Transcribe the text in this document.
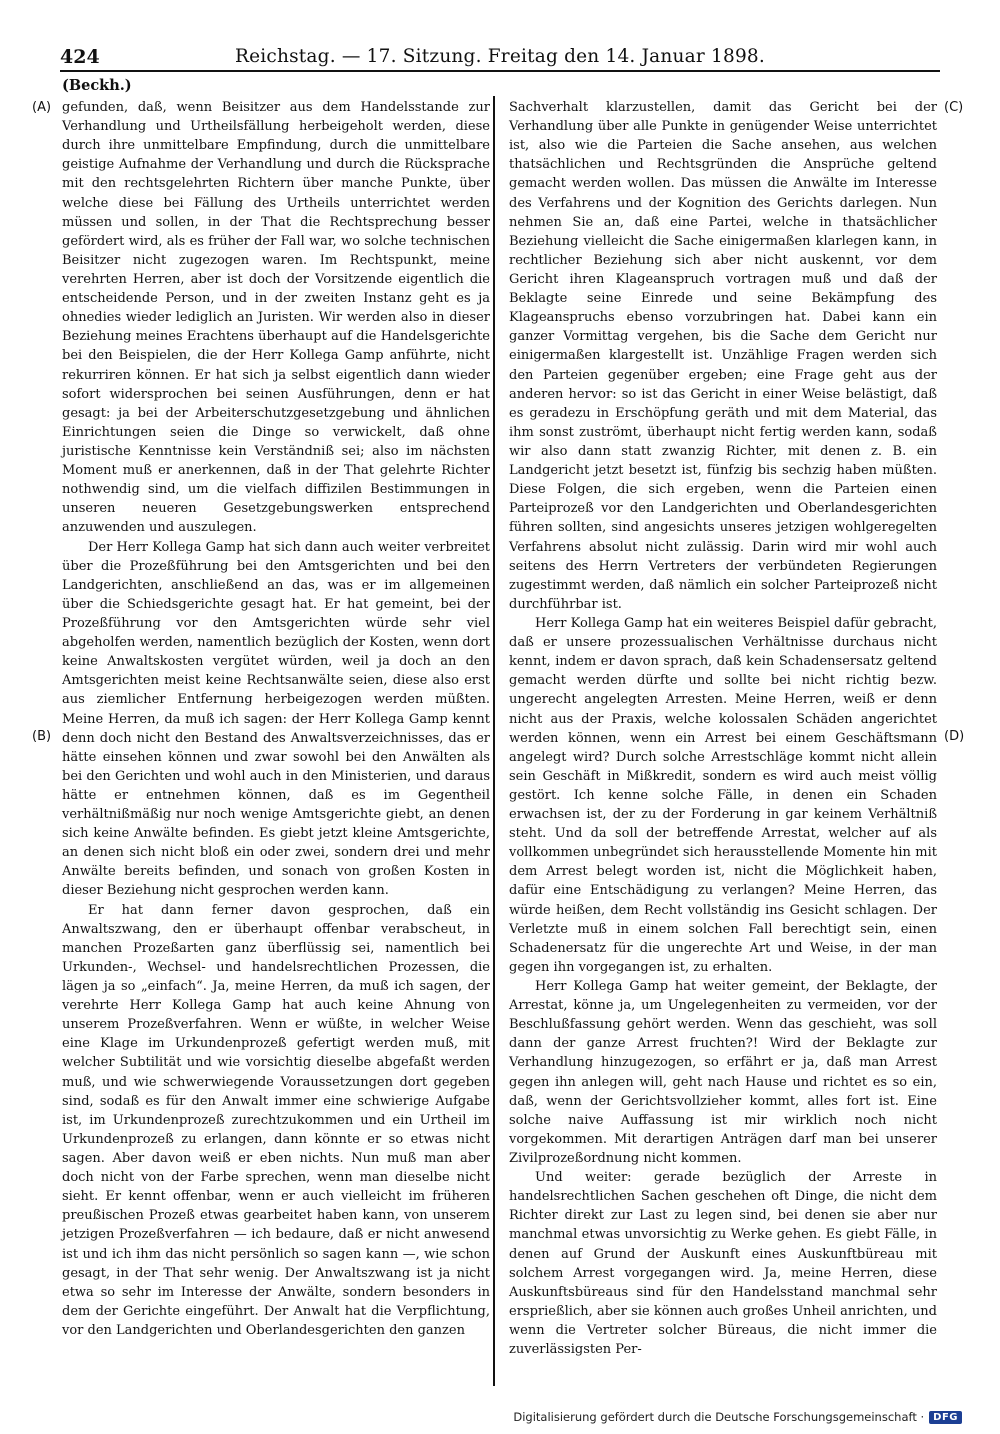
424	Reichstag. — 17. Sitzung. Freitag den 14. Januar 1898.
(Beckh.)
(A)
(B)
(C)
(D)

gefunden, daß, wenn Beisitzer aus dem Handelsstande zur Verhandlung und Urtheilsfällung herbeigeholt werden, diese durch ihre unmittelbare Empfindung, durch die unmittelbare geistige Aufnahme der Verhandlung und durch die Rücksprache mit den rechtsgelehrten Richtern über manche Punkte, über welche diese bei Fällung des Urtheils unterrichtet werden müssen und sollen, in der That die Rechtsprechung besser gefördert wird, als es früher der Fall war, wo solche technischen Beisitzer nicht zugezogen waren. Im Rechtspunkt, meine verehrten Herren, aber ist doch der Vorsitzende eigentlich die entscheidende Person, und in der zweiten Instanz geht es ja ohnedies wieder lediglich an Juristen. Wir werden also in dieser Beziehung meines Erachtens überhaupt auf die Handelsgerichte bei den Beispielen, die der Herr Kollega Gamp anführte, nicht rekurriren können. Er hat sich ja selbst eigentlich dann wieder sofort widersprochen bei seinen Ausführungen, denn er hat gesagt: ja bei der Arbeiterschutzgesetzgebung und ähnlichen Einrichtungen seien die Dinge so verwickelt, daß ohne juristische Kenntnisse kein Verständniß sei; also im nächsten Moment muß er anerkennen, daß in der That gelehrte Richter nothwendig sind, um die vielfach diffizilen Bestimmungen in unseren neueren Gesetzgebungswerken entsprechend anzuwenden und auszulegen.

Der Herr Kollega Gamp hat sich dann auch weiter verbreitet über die Prozeßführung bei den Amtsgerichten und bei den Landgerichten, anschließend an das, was er im allgemeinen über die Schiedsgerichte gesagt hat. Er hat gemeint, bei der Prozeßführung vor den Amtsgerichten würde sehr viel abgeholfen werden, namentlich bezüglich der Kosten, wenn dort keine Anwaltskosten vergütet würden, weil ja doch an den Amtsgerichten meist keine Rechtsanwälte seien, diese also erst aus ziemlicher Entfernung herbeigezogen werden müßten. Meine Herren, da muß ich sagen: der Herr Kollega Gamp kennt denn doch nicht den Bestand des Anwaltsverzeichnisses, das er hätte einsehen können und zwar sowohl bei den Anwälten als bei den Gerichten und wohl auch in den Ministerien, und daraus hätte er entnehmen können, daß es im Gegentheil verhältnißmäßig nur noch wenige Amtsgerichte giebt, an denen sich keine Anwälte befinden. Es giebt jetzt kleine Amtsgerichte, an denen sich nicht bloß ein oder zwei, sondern drei und mehr Anwälte bereits befinden, und sonach von großen Kosten in dieser Beziehung nicht gesprochen werden kann.

Er hat dann ferner davon gesprochen, daß ein Anwaltszwang, den er überhaupt offenbar verabscheut, in manchen Prozeßarten ganz überflüssig sei, namentlich bei Urkunden-, Wechsel- und handelsrechtlichen Prozessen, die lägen ja so „einfach“. Ja, meine Herren, da muß ich sagen, der verehrte Herr Kollega Gamp hat auch keine Ahnung von unserem Prozeßverfahren. Wenn er wüßte, in welcher Weise eine Klage im Urkundenprozeß gefertigt werden muß, mit welcher Subtilität und wie vorsichtig dieselbe abgefaßt werden muß, und wie schwerwiegende Voraussetzungen dort gegeben sind, sodaß es für den Anwalt immer eine schwierige Aufgabe ist, im Urkundenprozeß zurechtzukommen und ein Urtheil im Urkundenprozeß zu erlangen, dann könnte er so etwas nicht sagen. Aber davon weiß er eben nichts. Nun muß man aber doch nicht von der Farbe sprechen, wenn man dieselbe nicht sieht. Er kennt offenbar, wenn er auch vielleicht im früheren preußischen Prozeß etwas gearbeitet haben kann, von unserem jetzigen Prozeßverfahren — ich bedaure, daß er nicht anwesend ist und ich ihm das nicht persönlich so sagen kann —, wie schon gesagt, in der That sehr wenig. Der Anwaltszwang ist ja nicht etwa so sehr im Interesse der Anwälte, sondern besonders in dem der Gerichte eingeführt. Der Anwalt hat die Verpflichtung, vor den Landgerichten und Oberlandesgerichten den ganzen

Sachverhalt klarzustellen, damit das Gericht bei der Verhandlung über alle Punkte in genügender Weise unterrichtet ist, also wie die Parteien die Sache ansehen, aus welchen thatsächlichen und Rechtsgründen die Ansprüche geltend gemacht werden wollen. Das müssen die Anwälte im Interesse des Verfahrens und der Kognition des Gerichts darlegen. Nun nehmen Sie an, daß eine Partei, welche in thatsächlicher Beziehung vielleicht die Sache einigermaßen klarlegen kann, in rechtlicher Beziehung sich aber nicht auskennt, vor dem Gericht ihren Klageanspruch vortragen muß und daß der Beklagte seine Einrede und seine Bekämpfung des Klageanspruchs ebenso vorzubringen hat. Dabei kann ein ganzer Vormittag vergehen, bis die Sache dem Gericht nur einigermaßen klargestellt ist. Unzählige Fragen werden sich den Parteien gegenüber ergeben; eine Frage geht aus der anderen hervor: so ist das Gericht in einer Weise belästigt, daß es geradezu in Erschöpfung geräth und mit dem Material, das ihm sonst zuströmt, überhaupt nicht fertig werden kann, sodaß wir also dann statt zwanzig Richter, mit denen z. B. ein Landgericht jetzt besetzt ist, fünfzig bis sechzig haben müßten. Diese Folgen, die sich ergeben, wenn die Parteien einen Parteiprozeß vor den Landgerichten und Oberlandesgerichten führen sollten, sind angesichts unseres jetzigen wohlgeregelten Verfahrens absolut nicht zulässig. Darin wird mir wohl auch seitens des Herrn Vertreters der verbündeten Regierungen zugestimmt werden, daß nämlich ein solcher Parteiprozeß nicht durchführbar ist.

Herr Kollega Gamp hat ein weiteres Beispiel dafür gebracht, daß er unsere prozessualischen Verhältnisse durchaus nicht kennt, indem er davon sprach, daß kein Schadensersatz geltend gemacht werden dürfte und sollte bei nicht richtig bezw. ungerecht angelegten Arresten. Meine Herren, weiß er denn nicht aus der Praxis, welche kolossalen Schäden angerichtet werden können, wenn ein Arrest bei einem Geschäftsmann angelegt wird? Durch solche Arrestschläge kommt nicht allein sein Geschäft in Mißkredit, sondern es wird auch meist völlig gestört. Ich kenne solche Fälle, in denen ein Schaden erwachsen ist, der zu der Forderung in gar keinem Verhältniß steht. Und da soll der betreffende Arrestat, welcher auf als vollkommen unbegründet sich herausstellende Momente hin mit dem Arrest belegt worden ist, nicht die Möglichkeit haben, dafür eine Entschädigung zu verlangen? Meine Herren, das würde heißen, dem Recht vollständig ins Gesicht schlagen. Der Verletzte muß in einem solchen Fall berechtigt sein, einen Schadenersatz für die ungerechte Art und Weise, in der man gegen ihn vorgegangen ist, zu erhalten.

Herr Kollega Gamp hat weiter gemeint, der Beklagte, der Arrestat, könne ja, um Ungelegenheiten zu vermeiden, vor der Beschlußfassung gehört werden. Wenn das geschieht, was soll dann der ganze Arrest fruchten?! Wird der Beklagte zur Verhandlung hinzugezogen, so erfährt er ja, daß man Arrest gegen ihn anlegen will, geht nach Hause und richtet es so ein, daß, wenn der Gerichtsvollzieher kommt, alles fort ist. Eine solche naive Auffassung ist mir wirklich noch nicht vorgekommen. Mit derartigen Anträgen darf man bei unserer Zivilprozeßordnung nicht kommen.

Und weiter: gerade bezüglich der Arreste in handelsrechtlichen Sachen geschehen oft Dinge, die nicht dem Richter direkt zur Last zu legen sind, bei denen sie aber nur manchmal etwas unvorsichtig zu Werke gehen. Es giebt Fälle, in denen auf Grund der Auskunft eines Auskunftbüreau mit solchem Arrest vorgegangen wird. Ja, meine Herren, diese Auskunftsbüreaus sind für den Handelsstand manchmal sehr ersprießlich, aber sie können auch großes Unheil anrichten, und wenn die Vertreter solcher Büreaus, die nicht immer die zuverlässigsten Per-

Digitalisierung gefördert durch die Deutsche Forschungsgemeinschaft · DFG
